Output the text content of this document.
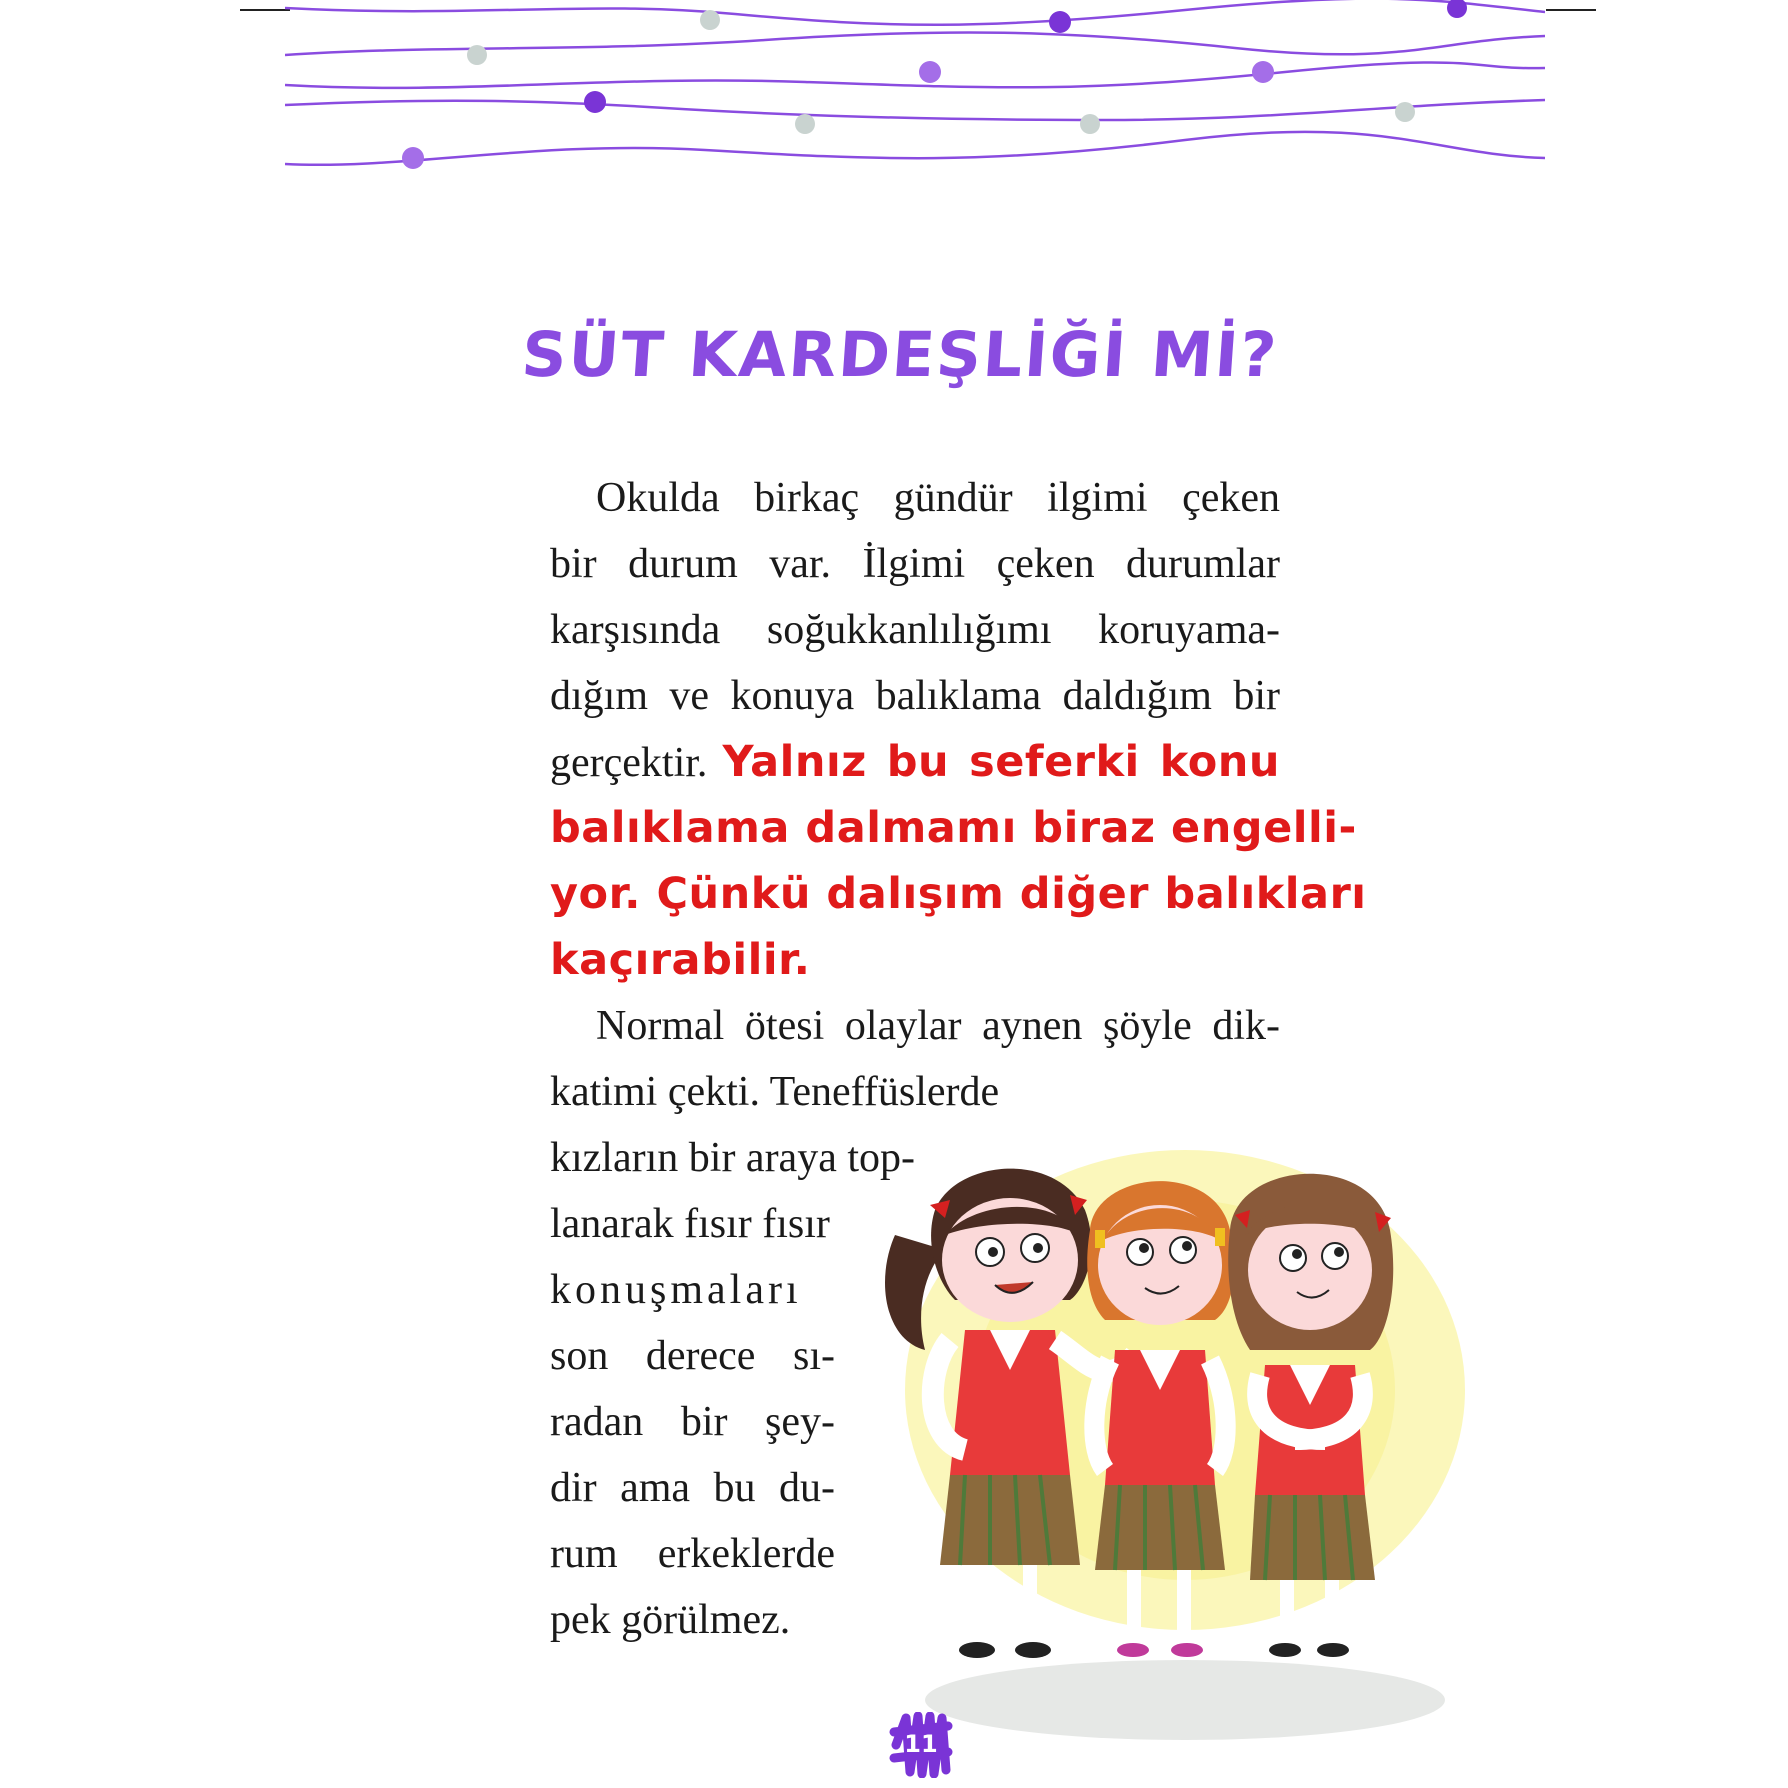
SÜT KARDEŞLİĞİ Mİ?
Okulda birkaç gündür ilgimi çeken
bir durum var. İlgimi çeken durumlar
karşısında soğukkanlılığımı koruyama-
dığım ve konuya balıklama daldığım bir
gerçektir. Yalnız bu seferki konu
balıklama dalmamı biraz engelli-
yor. Çünkü dalışım diğer balıkları
kaçırabilir.
Normal ötesi olaylar aynen şöyle dik-
katimi çekti. Teneffüslerde
kızların bir araya top-
lanarak fısır fısır
konuşmaları
son derece sı-
radan bir şey-
dir ama bu du-
rum erkeklerde
pek görülmez.
11
